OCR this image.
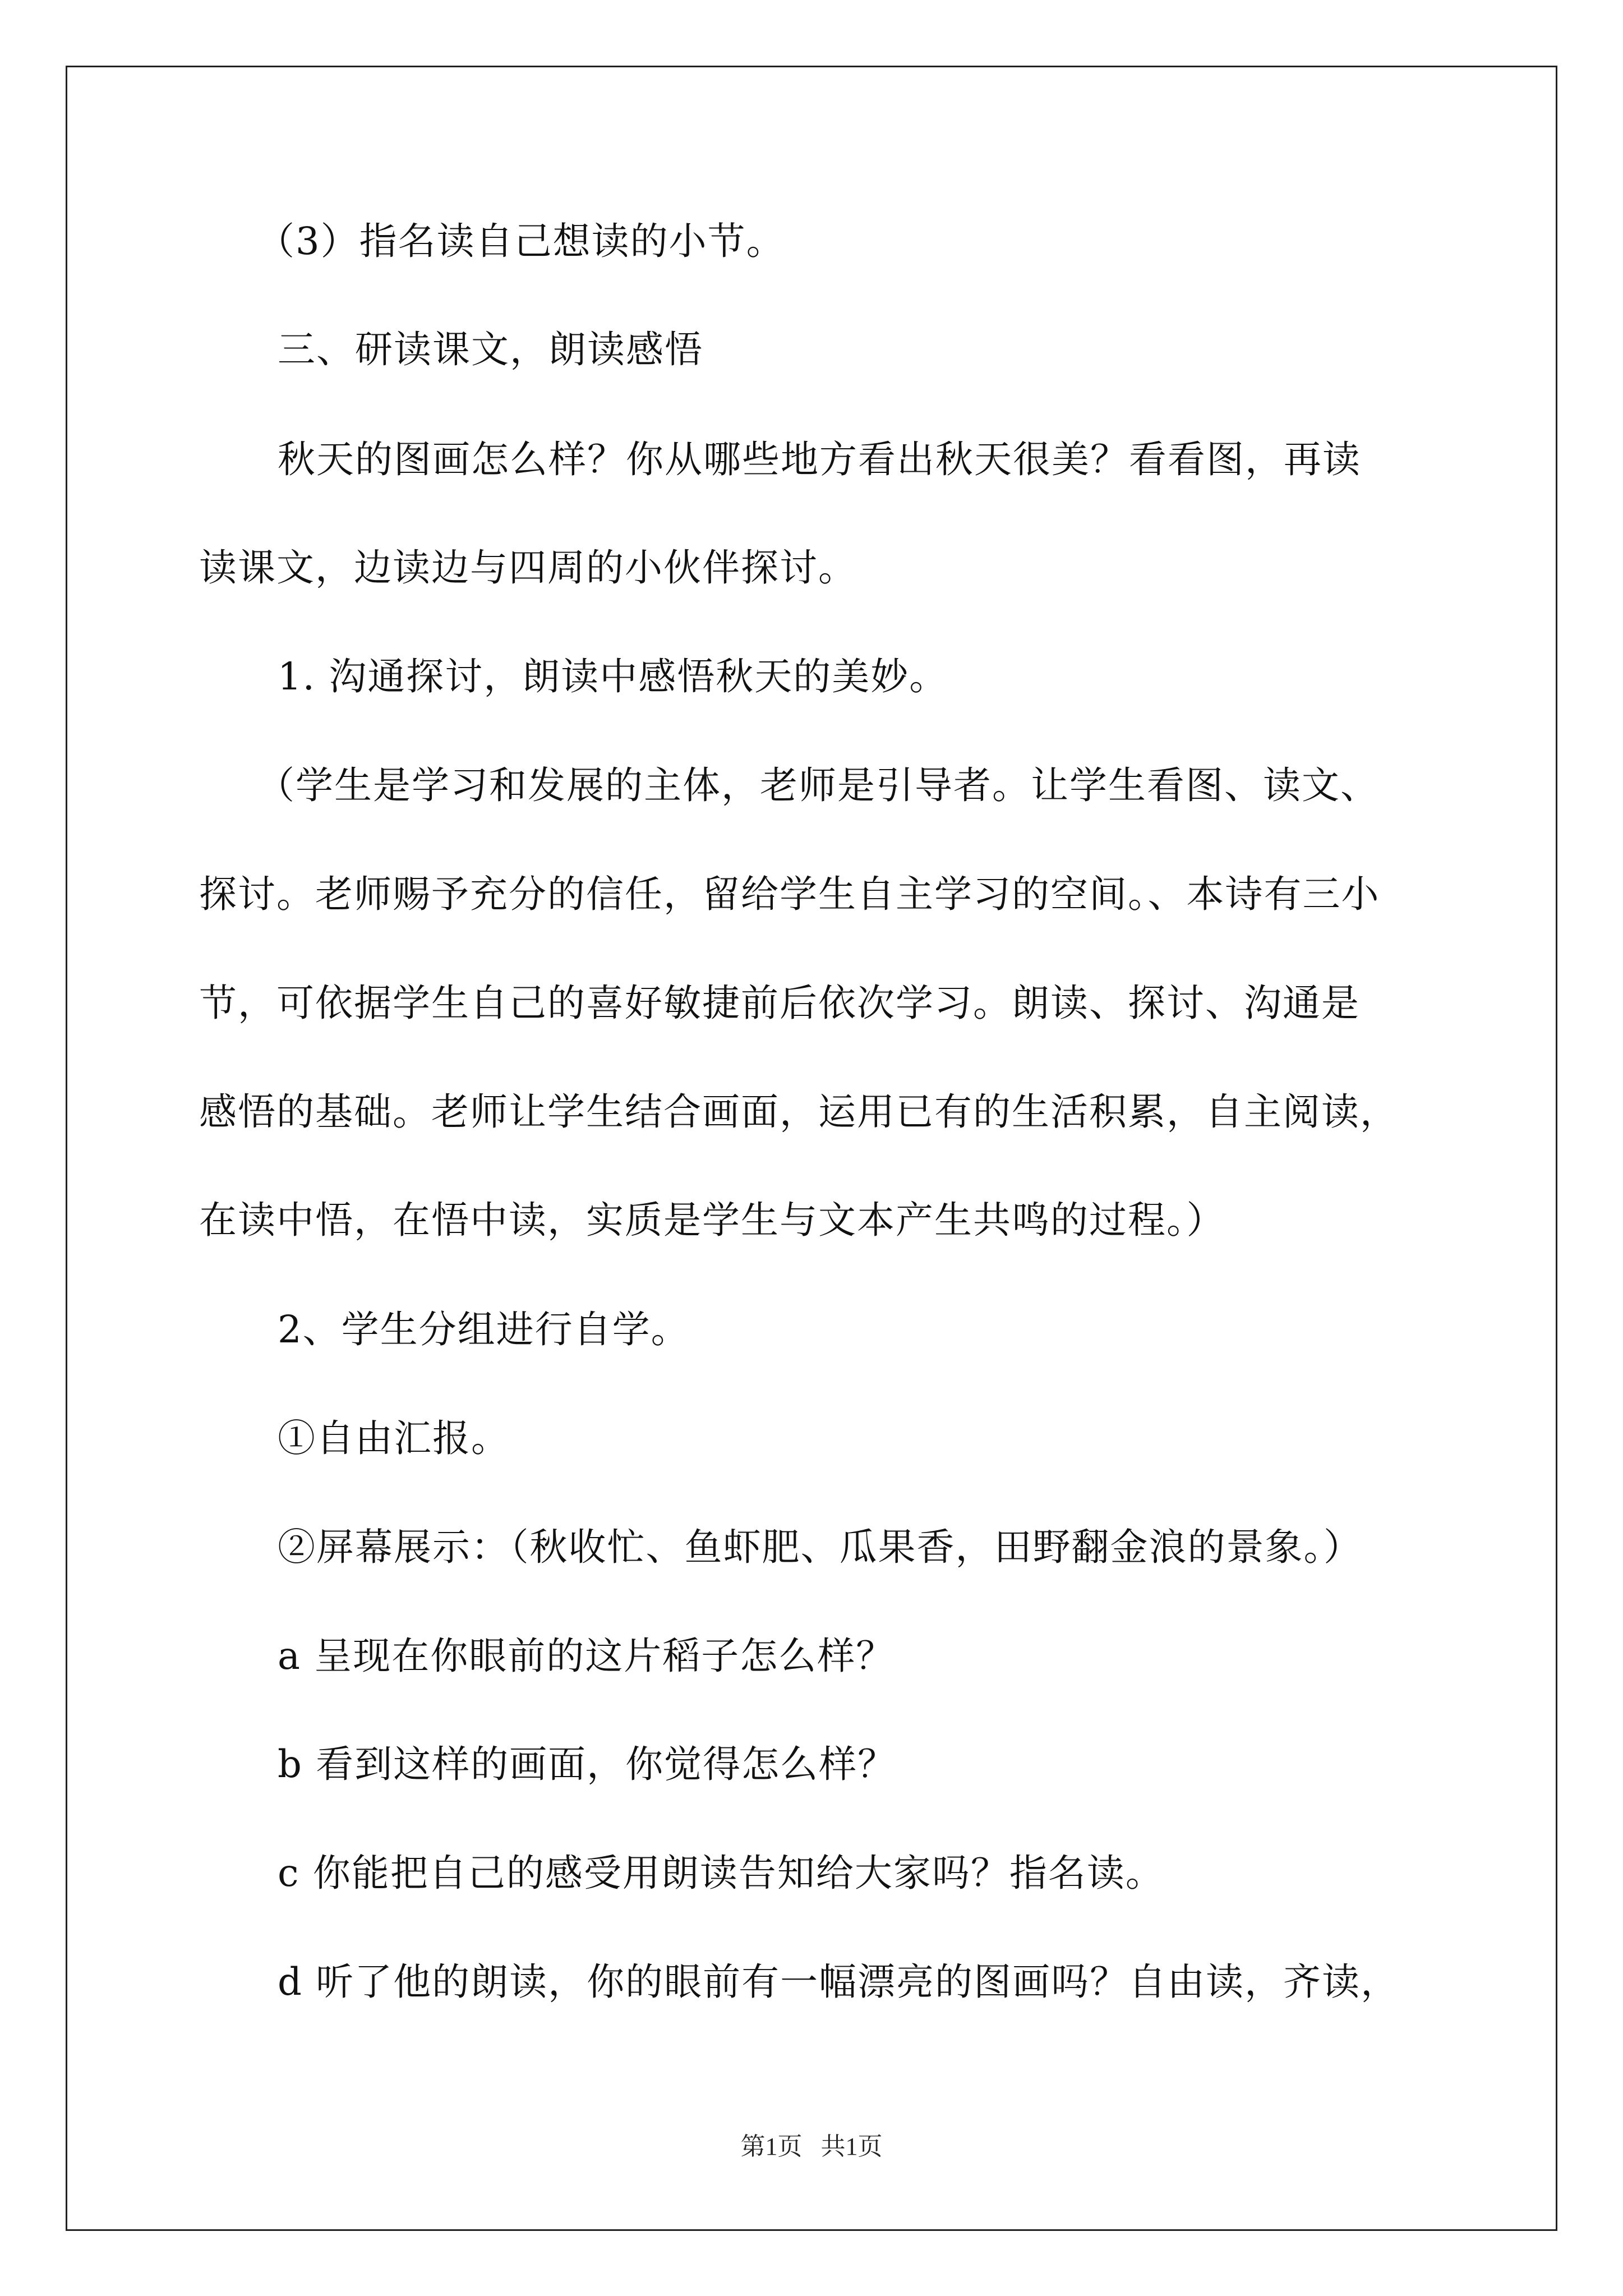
（3）指名读自己想读的小节。
三、研读课文，朗读感悟
秋天的图画怎么样？你从哪些地方看出秋天很美？看看图，再读
读课文，边读边与四周的小伙伴探讨。
1. 沟通探讨，朗读中感悟秋天的美妙。
（学生是学习和发展的主体，老师是引导者。让学生看图、读文、
探讨。老师赐予充分的信任，留给学生自主学习的空间。、本诗有三小
节，可依据学生自己的喜好敏捷前后依次学习。朗读、探讨、沟通是
感悟的基础。老师让学生结合画面，运用已有的生活积累，自主阅读，
在读中悟，在悟中读，实质是学生与文本产生共鸣的过程。）
2、学生分组进行自学。
①自由汇报。
②屏幕展示：（秋收忙、鱼虾肥、瓜果香，田野翻金浪的景象。）
a 呈现在你眼前的这片稻子怎么样？
b 看到这样的画面，你觉得怎么样？
c 你能把自己的感受用朗读告知给大家吗？指名读。
d 听了他的朗读，你的眼前有一幅漂亮的图画吗？自由读，齐读，
第1页   共1页
